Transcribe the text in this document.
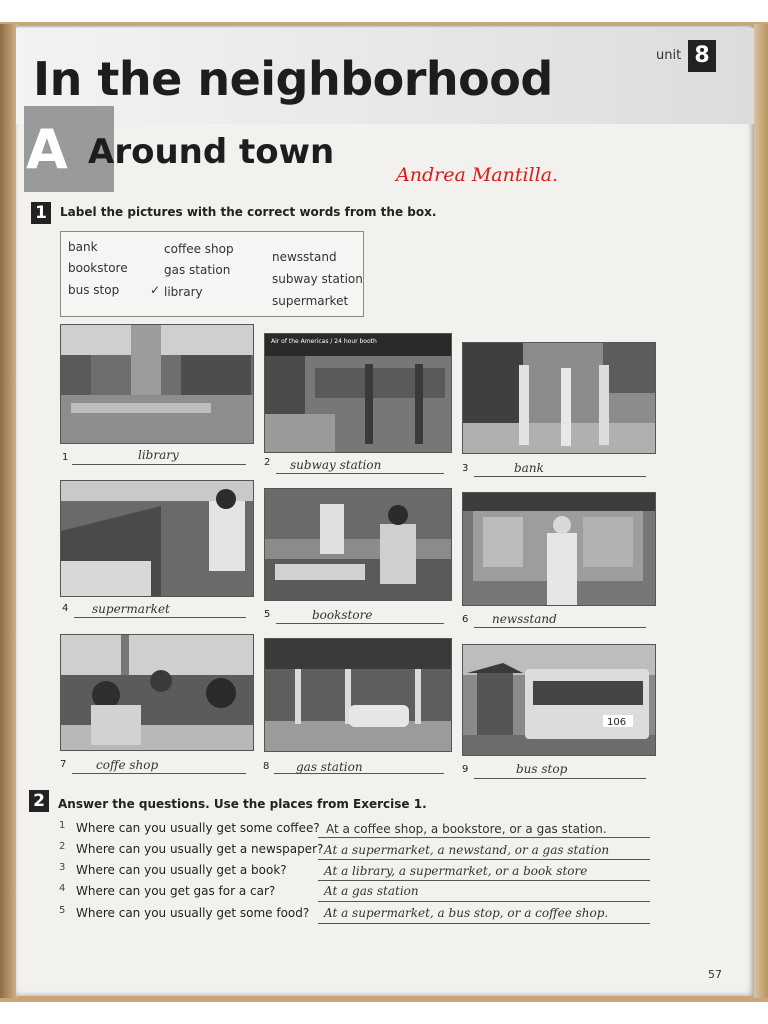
unit 8
In the neighborhood
A Around town
Andrea Mantilla.
1	Label the pictures with the correct words from the box.
bank
bookstore
bus stop
coffee shop
gas station
✓ library
newsstand
subway station
supermarket
1	library
Air of the Americas / 24 hour booth
2 subway station	3	bank
4 supermarket	5	bookstore	6 newsstand
7 coffe shop	8 gas station
106
9	bus stop
2	Answer the questions. Use the places from Exercise 1.
1 Where can you usually get some coffee? At a coffee shop, a bookstore, or a gas station.
2 Where can you usually get a newspaper? At a supermarket, a newstand, or a gas station
3 Where can you usually get a book?	At a library, a supermarket, or a book store
4 Where can you get gas for a car?	At a gas station
5 Where can you usually get some food? At a supermarket, a bus stop, or a coffee shop.
57
